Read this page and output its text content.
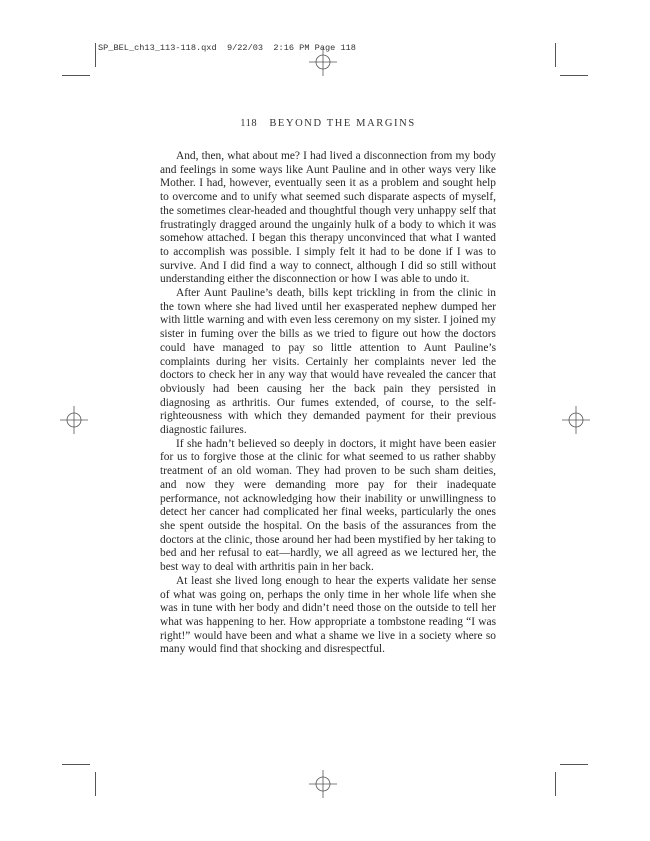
SP_BEL_ch13_113-118.qxd 9/22/03 2:16 PM Page 118
118 BEYOND THE MARGINS

And, then, what about me? I had lived a disconnection from my body and feelings in some ways like Aunt Pauline and in other ways very like Mother. I had, however, eventually seen it as a problem and sought help to overcome and to unify what seemed such disparate aspects of myself, the sometimes clear-headed and thoughtful though very unhappy self that frustratingly dragged around the ungainly hulk of a body to which it was somehow attached. I began this therapy unconvinced that what I wanted to accomplish was possible. I simply felt it had to be done if I was to survive. And I did find a way to connect, although I did so still without understanding either the disconnection or how I was able to undo it.

After Aunt Pauline’s death, bills kept trickling in from the clinic in the town where she had lived until her exasperated nephew dumped her with little warning and with even less ceremony on my sister. I joined my sister in fuming over the bills as we tried to figure out how the doctors could have managed to pay so little attention to Aunt Pauline’s complaints during her visits. Certainly her complaints never led the doctors to check her in any way that would have revealed the cancer that obviously had been causing her the back pain they persisted in diagnosing as arthritis. Our fumes extended, of course, to the self-righteousness with which they demanded payment for their previous diagnostic failures.

If she hadn’t believed so deeply in doctors, it might have been easier for us to forgive those at the clinic for what seemed to us rather shabby treatment of an old woman. They had proven to be such sham deities, and now they were demanding more pay for their inadequate performance, not acknowledging how their inability or unwillingness to detect her cancer had complicated her final weeks, particularly the ones she spent outside the hospital. On the basis of the assurances from the doctors at the clinic, those around her had been mystified by her taking to bed and her refusal to eat—hardly, we all agreed as we lectured her, the best way to deal with arthritis pain in her back.

At least she lived long enough to hear the experts validate her sense of what was going on, perhaps the only time in her whole life when she was in tune with her body and didn’t need those on the outside to tell her what was happening to her. How appropriate a tombstone reading “I was right!” would have been and what a shame we live in a society where so many would find that shocking and disrespectful.
